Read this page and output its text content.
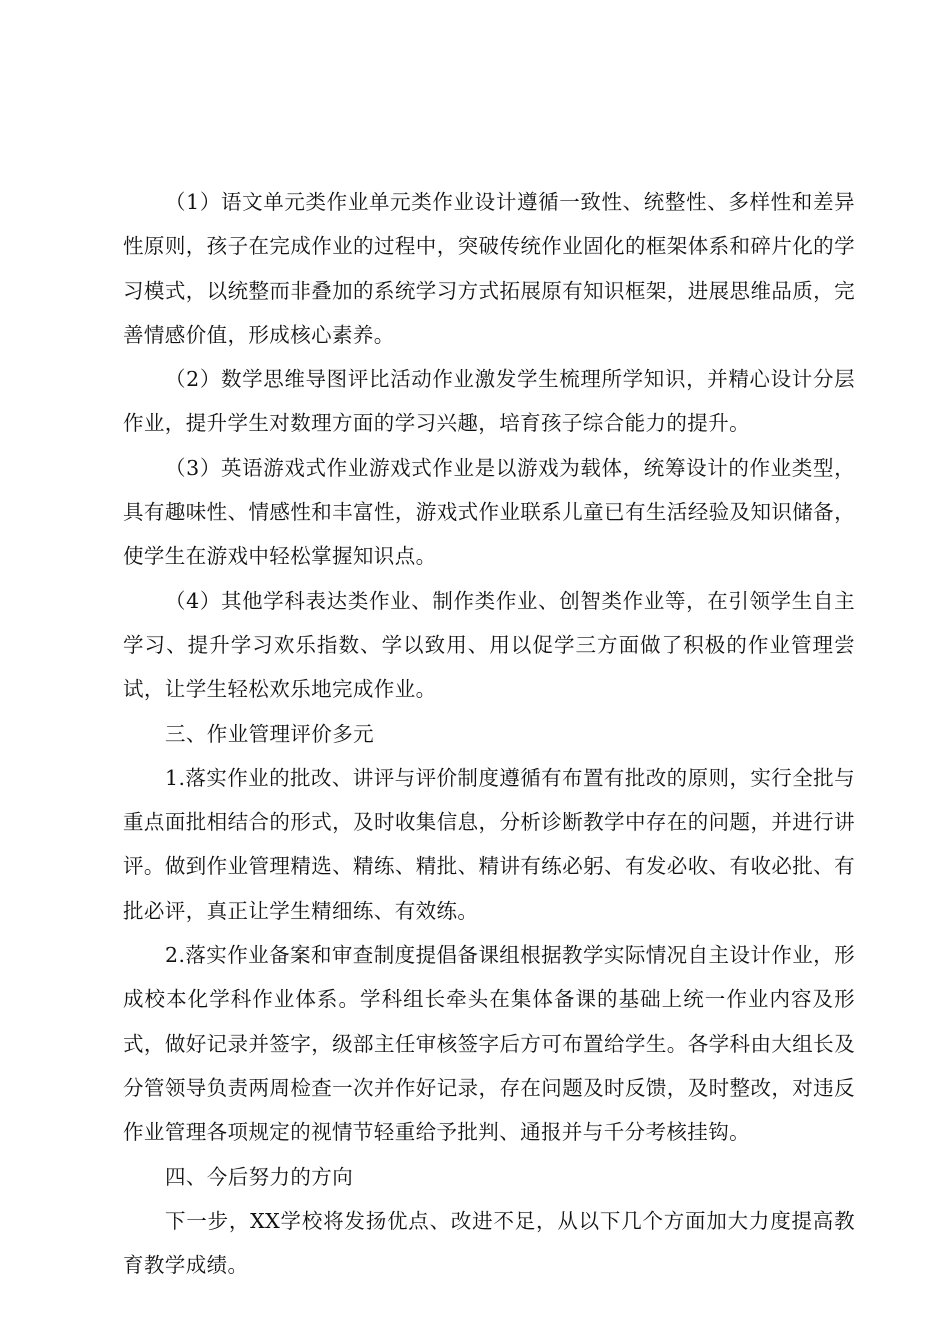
（1）语文单元类作业单元类作业设计遵循一致性、统整性、多样性和差异性原则，孩子在完成作业的过程中，突破传统作业固化的框架体系和碎片化的学习模式，以统整而非叠加的系统学习方式拓展原有知识框架，进展思维品质，完善情感价值，形成核心素养。

（2）数学思维导图评比活动作业激发学生梳理所学知识，并精心设计分层作业，提升学生对数理方面的学习兴趣，培育孩子综合能力的提升。

（3）英语游戏式作业游戏式作业是以游戏为载体，统筹设计的作业类型，具有趣味性、情感性和丰富性，游戏式作业联系儿童已有生活经验及知识储备，使学生在游戏中轻松掌握知识点。

（4）其他学科表达类作业、制作类作业、创智类作业等，在引领学生自主学习、提升学习欢乐指数、学以致用、用以促学三方面做了积极的作业管理尝试，让学生轻松欢乐地完成作业。

三、作业管理评价多元

1.落实作业的批改、讲评与评价制度遵循有布置有批改的原则，实行全批与重点面批相结合的形式，及时收集信息，分析诊断教学中存在的问题，并进行讲评。做到作业管理精选、精练、精批、精讲有练必躬、有发必收、有收必批、有批必评，真正让学生精细练、有效练。

2.落实作业备案和审查制度提倡备课组根据教学实际情况自主设计作业，形成校本化学科作业体系。学科组长牵头在集体备课的基础上统一作业内容及形式，做好记录并签字，级部主任审核签字后方可布置给学生。各学科由大组长及分管领导负责两周检查一次并作好记录，存在问题及时反馈，及时整改，对违反作业管理各项规定的视情节轻重给予批判、通报并与千分考核挂钩。

四、今后努力的方向

下一步，XX学校将发扬优点、改进不足，从以下几个方面加大力度提高教育教学成绩。
